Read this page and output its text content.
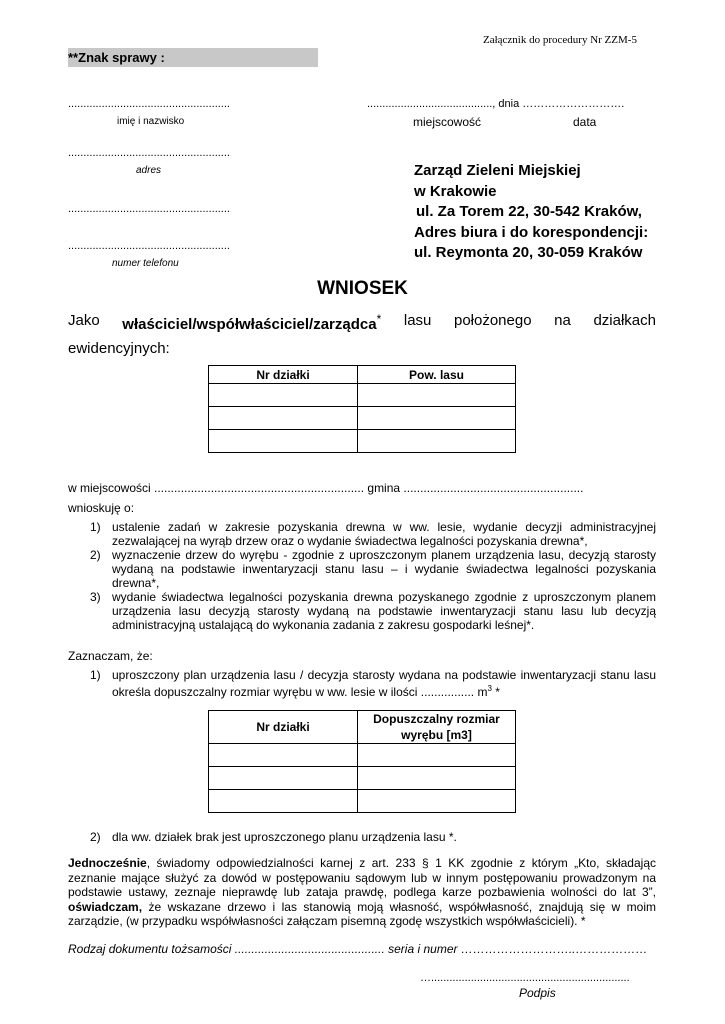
Załącznik do procedury Nr ZZM-5
**Znak sprawy :
.....................................................
imię i nazwisko
........................................., dnia ……………………….
miejscowość	data
.....................................................
adres
.....................................................
.....................................................
numer telefonu
Zarząd Zieleni Miejskiej
w Krakowie
ul. Za Torem 22, 30-542 Kraków,
Adres biura i do korespondencji:
ul. Reymonta 20, 30-059 Kraków
WNIOSEK
Jako właściciel/współwłaściciel/zarządca* lasu położonego na działkach
ewidencyjnych:
Nr działki	Pow. lasu

w miejscowości ............................................................... gmina ......................................................
wnioskuję o:
1) ustalenie zadań w zakresie pozyskania drewna w ww. lesie, wydanie decyzji administracyjnej zezwalającej na wyrąb drzew oraz o wydanie świadectwa legalności pozyskania drewna*,
2) wyznaczenie drzew do wyrębu - zgodnie z uproszczonym planem urządzenia lasu, decyzją starosty wydaną na podstawie inwentaryzacji stanu lasu – i wydanie świadectwa legalności pozyskania drewna*,
3) wydanie świadectwa legalności pozyskania drewna pozyskanego zgodnie z uproszczonym planem urządzenia lasu decyzją starosty wydaną na podstawie inwentaryzacji stanu lasu lub decyzją administracyjną ustalającą do wykonania zadania z zakresu gospodarki leśnej*.
Zaznaczam, że:
1) uproszczony plan urządzenia lasu / decyzja starosty wydana na podstawie inwentaryzacji stanu lasu określa dopuszczalny rozmiar wyrębu w ww. lesie w ilości ................ $m^3$ *
Nr działki	Dopuszczalny rozmiar wyrębu [m3]

2) dla ww. działek brak jest uproszczonego planu urządzenia lasu *.
Jednocześnie, świadomy odpowiedzialności karnej z art. 233 § 1 KK zgodnie z którym „Kto, składając zeznanie mające służyć za dowód w postępowaniu sądowym lub w innym postępowaniu prowadzonym na podstawie ustawy, zeznaje nieprawdę lub zataja prawdę, podlega karze pozbawienia wolności do lat 3”, oświadczam, że wskazane drzewo i las stanowią moją własność, współwłasność, znajdują się w moim zarządzie, (w przypadku współwłasności załączam pisemną zgodę wszystkich współwłaścicieli). *
Rodzaj dokumentu tożsamości ............................................. seria i numer ………………………..………………
….................................................................
Podpis
